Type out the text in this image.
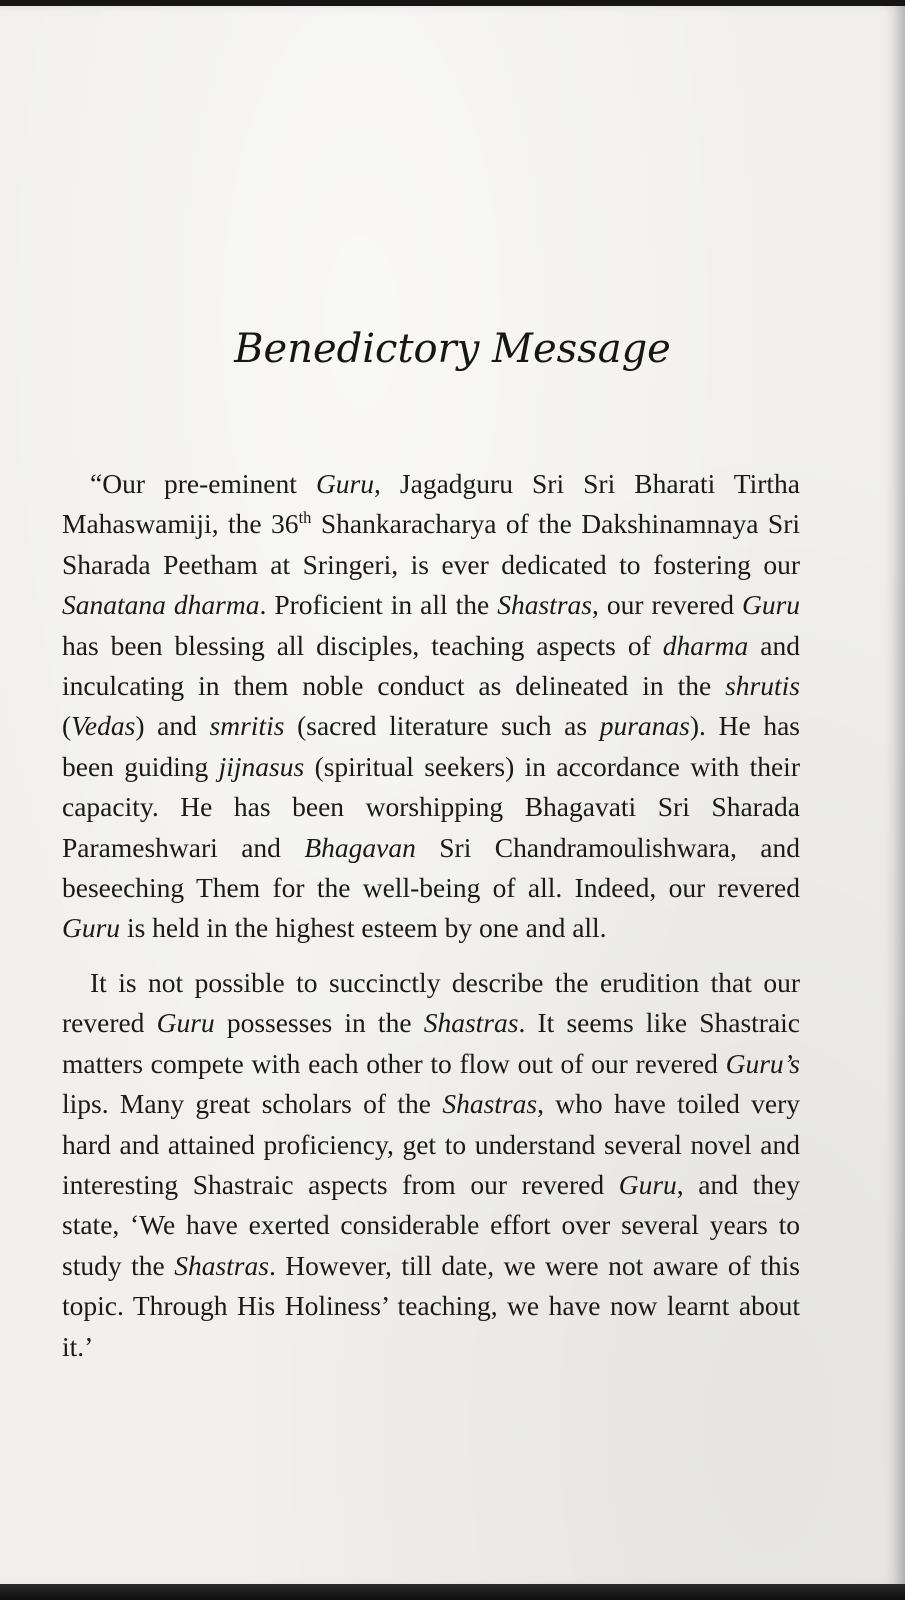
Benedictory Message

“Our pre-eminent Guru, Jagadguru Sri Sri Bharati Tirtha Mahaswamiji, the 36th Shankaracharya of the Dakshinamnaya Sri Sharada Peetham at Sringeri, is ever dedicated to fostering our Sanatana dharma. Proficient in all the Shastras, our revered Guru has been blessing all disciples, teaching aspects of dharma and inculcating in them noble conduct as delineated in the shrutis (Vedas) and smritis (sacred literature such as puranas). He has been guiding jijnasus (spiritual seekers) in accordance with their capacity. He has been worshipping Bhagavati Sri Sharada Parameshwari and Bhagavan Sri Chandramoulishwara, and beseeching Them for the well-being of all. Indeed, our revered Guru is held in the highest esteem by one and all.

It is not possible to succinctly describe the erudition that our revered Guru possesses in the Shastras. It seems like Shastraic matters compete with each other to flow out of our revered Guru’s lips. Many great scholars of the Shastras, who have toiled very hard and attained proficiency, get to understand several novel and interesting Shastraic aspects from our revered Guru, and they state, ‘We have exerted considerable effort over several years to study the Shastras. However, till date, we were not aware of this topic. Through His Holiness’ teaching, we have now learnt about it.’
